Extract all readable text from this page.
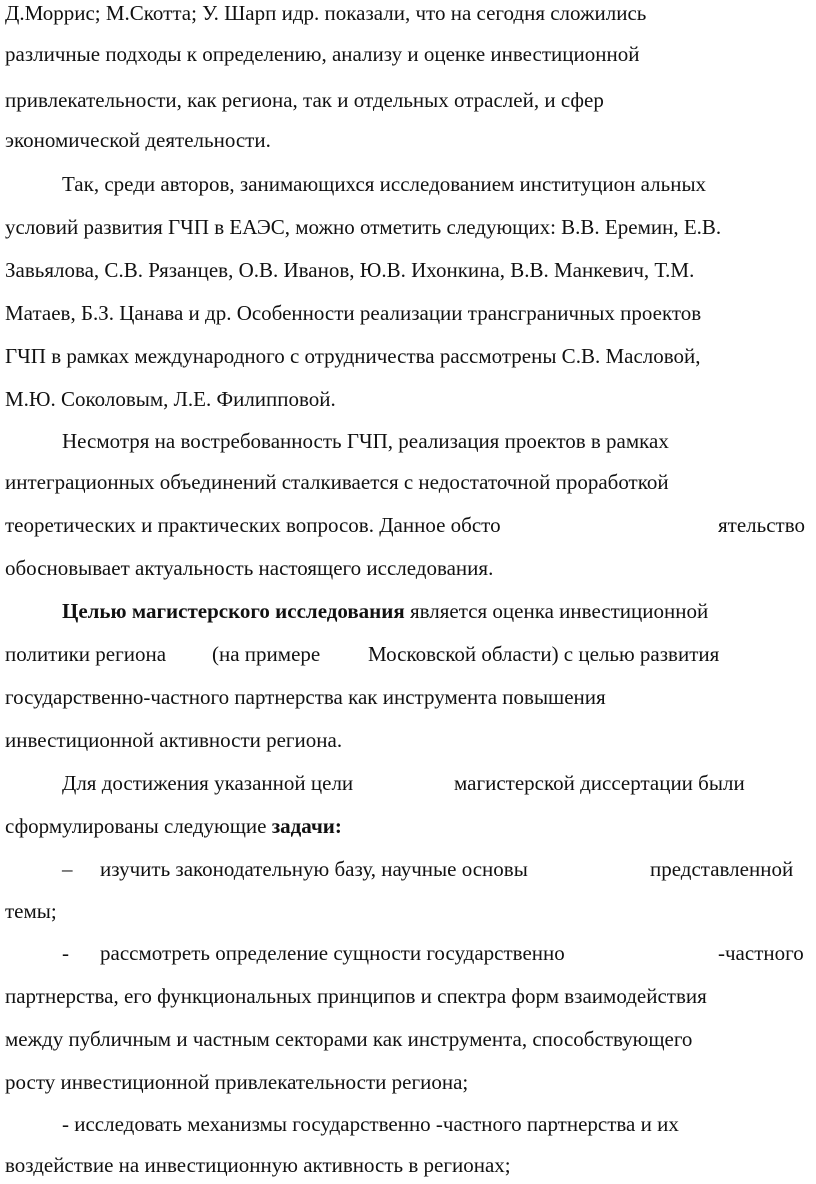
Д.Моррис; М.Скотта; У. Шарп идр. показали, что на сегодня сложились
различные подходы к определению, анализу и оценке инвестиционной
привлекательности, как региона, так и отдельных отраслей, и сфер
экономической деятельности.
Так, среди авторов, занимающихся исследованием институцион альных
условий развития ГЧП в ЕАЭС, можно отметить следующих: В.В. Еремин, Е.В.
Завьялова, С.В. Рязанцев, О.В. Иванов, Ю.В. Ихонкина, В.В. Манкевич, Т.М.
Матаев, Б.З. Цанава и др. Особенности реализации трансграничных проектов
ГЧП в рамках международного с отрудничества рассмотрены С.В. Масловой,
М.Ю. Соколовым, Л.Е. Филипповой.
Несмотря на востребованность ГЧП, реализация проектов в рамках
интеграционных объединений сталкивается с недостаточной проработкой
теоретических и практических вопросов. Данное обсто	ятельство
обосновывает актуальность настоящего исследования.
Целью магистерского исследования является оценка инвестиционной
политики региона (на примере Московской области) с целью развития
государственно-частного партнерства как инструмента повышения
инвестиционной активности региона.
Для достижения указанной цели	магистерской диссертации были
сформулированы следующие задачи:
– изучить законодательную базу, научные основы	представленной
темы;
- рассмотреть определение сущности государственно	-частного
партнерства, его функциональных принципов и спектра форм взаимодействия
между публичным и частным секторами как инструмента, способствующего
росту инвестиционной привлекательности региона;
- исследовать механизмы государственно -частного партнерства и их
воздействие на инвестиционную активность в регионах;
